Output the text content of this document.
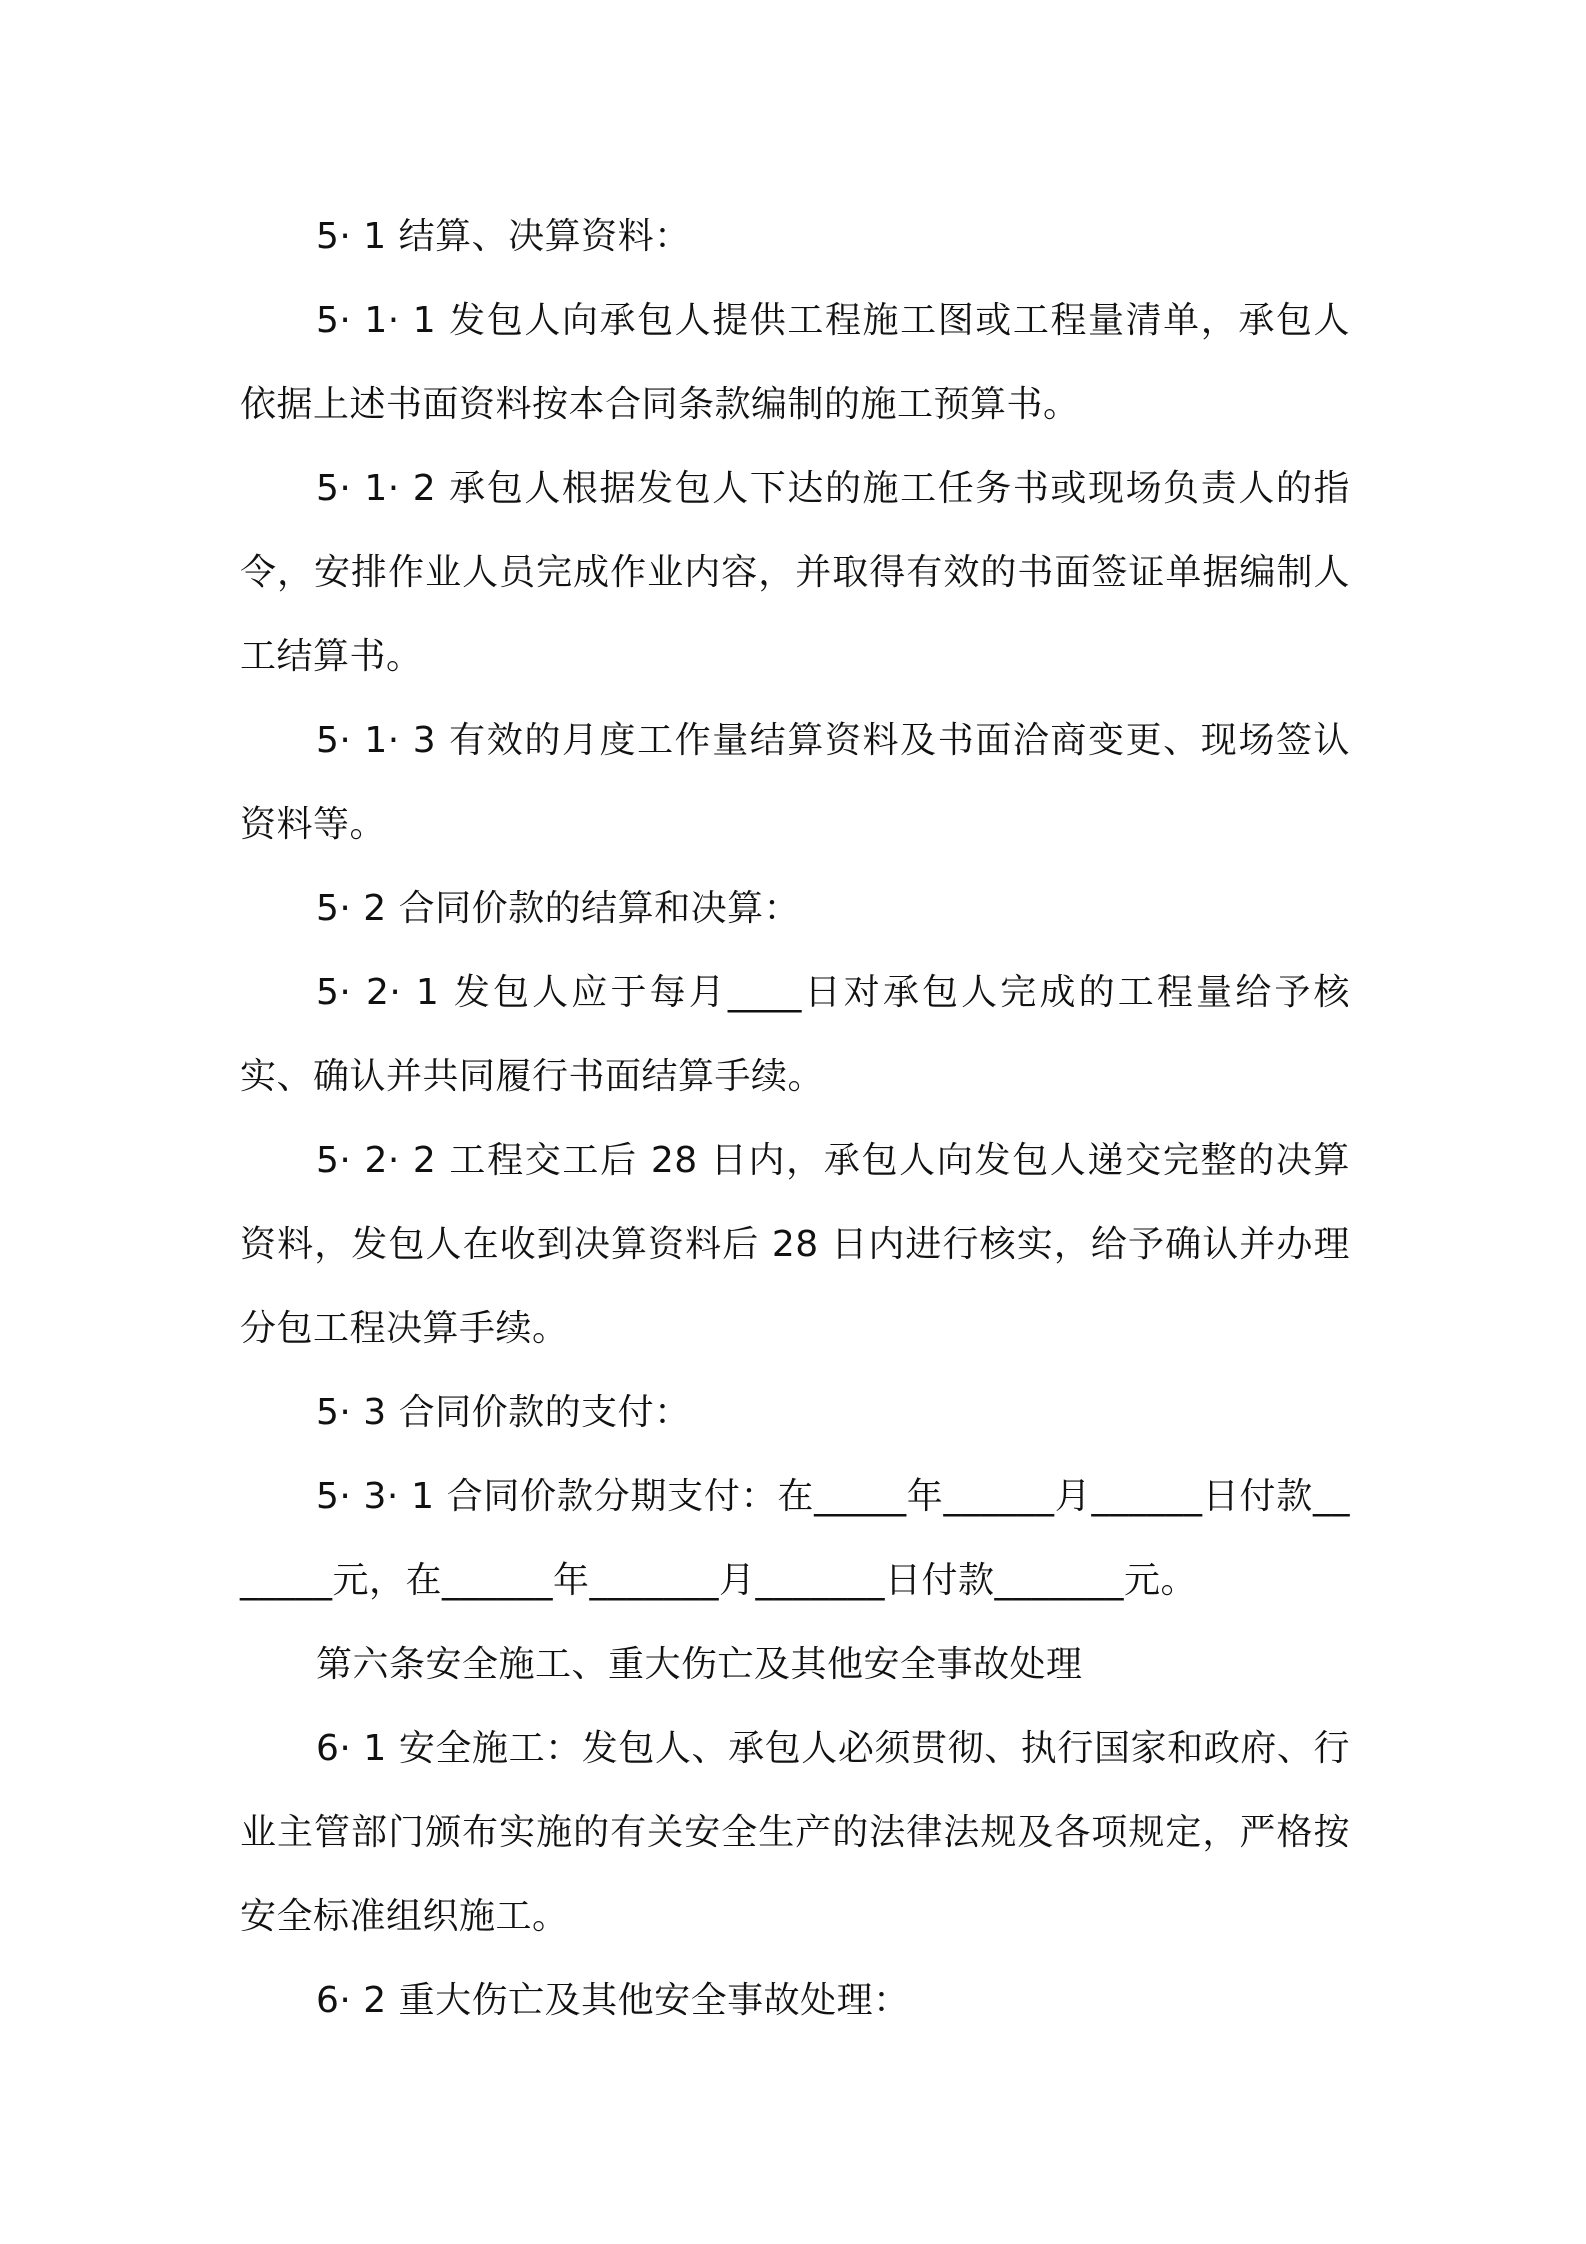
5· 1 结算、决算资料：

5· 1· 1 发包人向承包人提供工程施工图或工程量清单，承包人依据上述书面资料按本合同条款编制的施工预算书。

5· 1· 2 承包人根据发包人下达的施工任务书或现场负责人的指令，安排作业人员完成作业内容，并取得有效的书面签证单据编制人工结算书。

5· 1· 3 有效的月度工作量结算资料及书面洽商变更、现场签认资料等。

5· 2 合同价款的结算和决算：

5· 2· 1 发包人应于每月____日对承包人完成的工程量给予核实、确认并共同履行书面结算手续。

5· 2· 2 工程交工后 28 日内，承包人向发包人递交完整的决算资料，发包人在收到决算资料后 28 日内进行核实，给予确认并办理分包工程决算手续。

5· 3 合同价款的支付：

5· 3· 1 合同价款分期支付：在_____年______月______日付款_______元，在______年_______月_______日付款_______元。

第六条安全施工、重大伤亡及其他安全事故处理

6· 1 安全施工：发包人、承包人必须贯彻、执行国家和政府、行业主管部门颁布实施的有关安全生产的法律法规及各项规定，严格按安全标准组织施工。

6· 2 重大伤亡及其他安全事故处理：
